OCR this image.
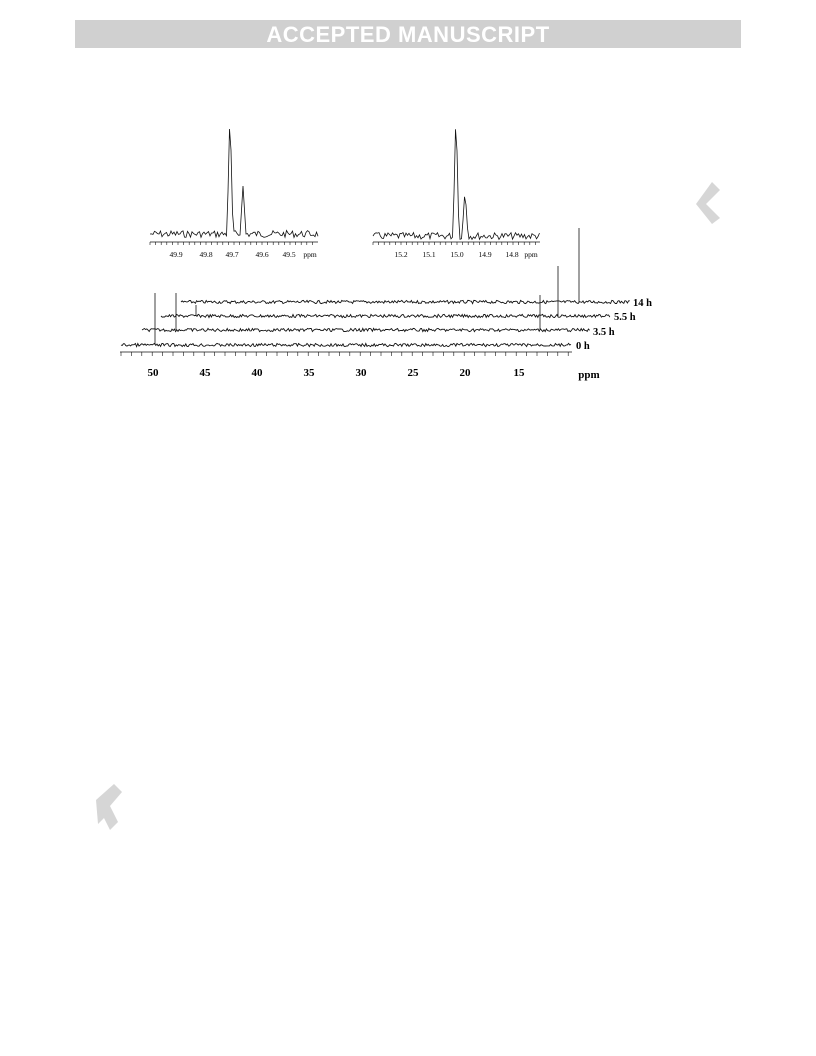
ACCEPTED MANUSCRIPT
49.9 49.8 49.7 49.6 49.5 ppm	15.2 15.1 15.0 14.9 14.8 ppm
14 h
5.5 h
3.5 h
0 h
50	45	40	35	30	25	20	15	ppm
